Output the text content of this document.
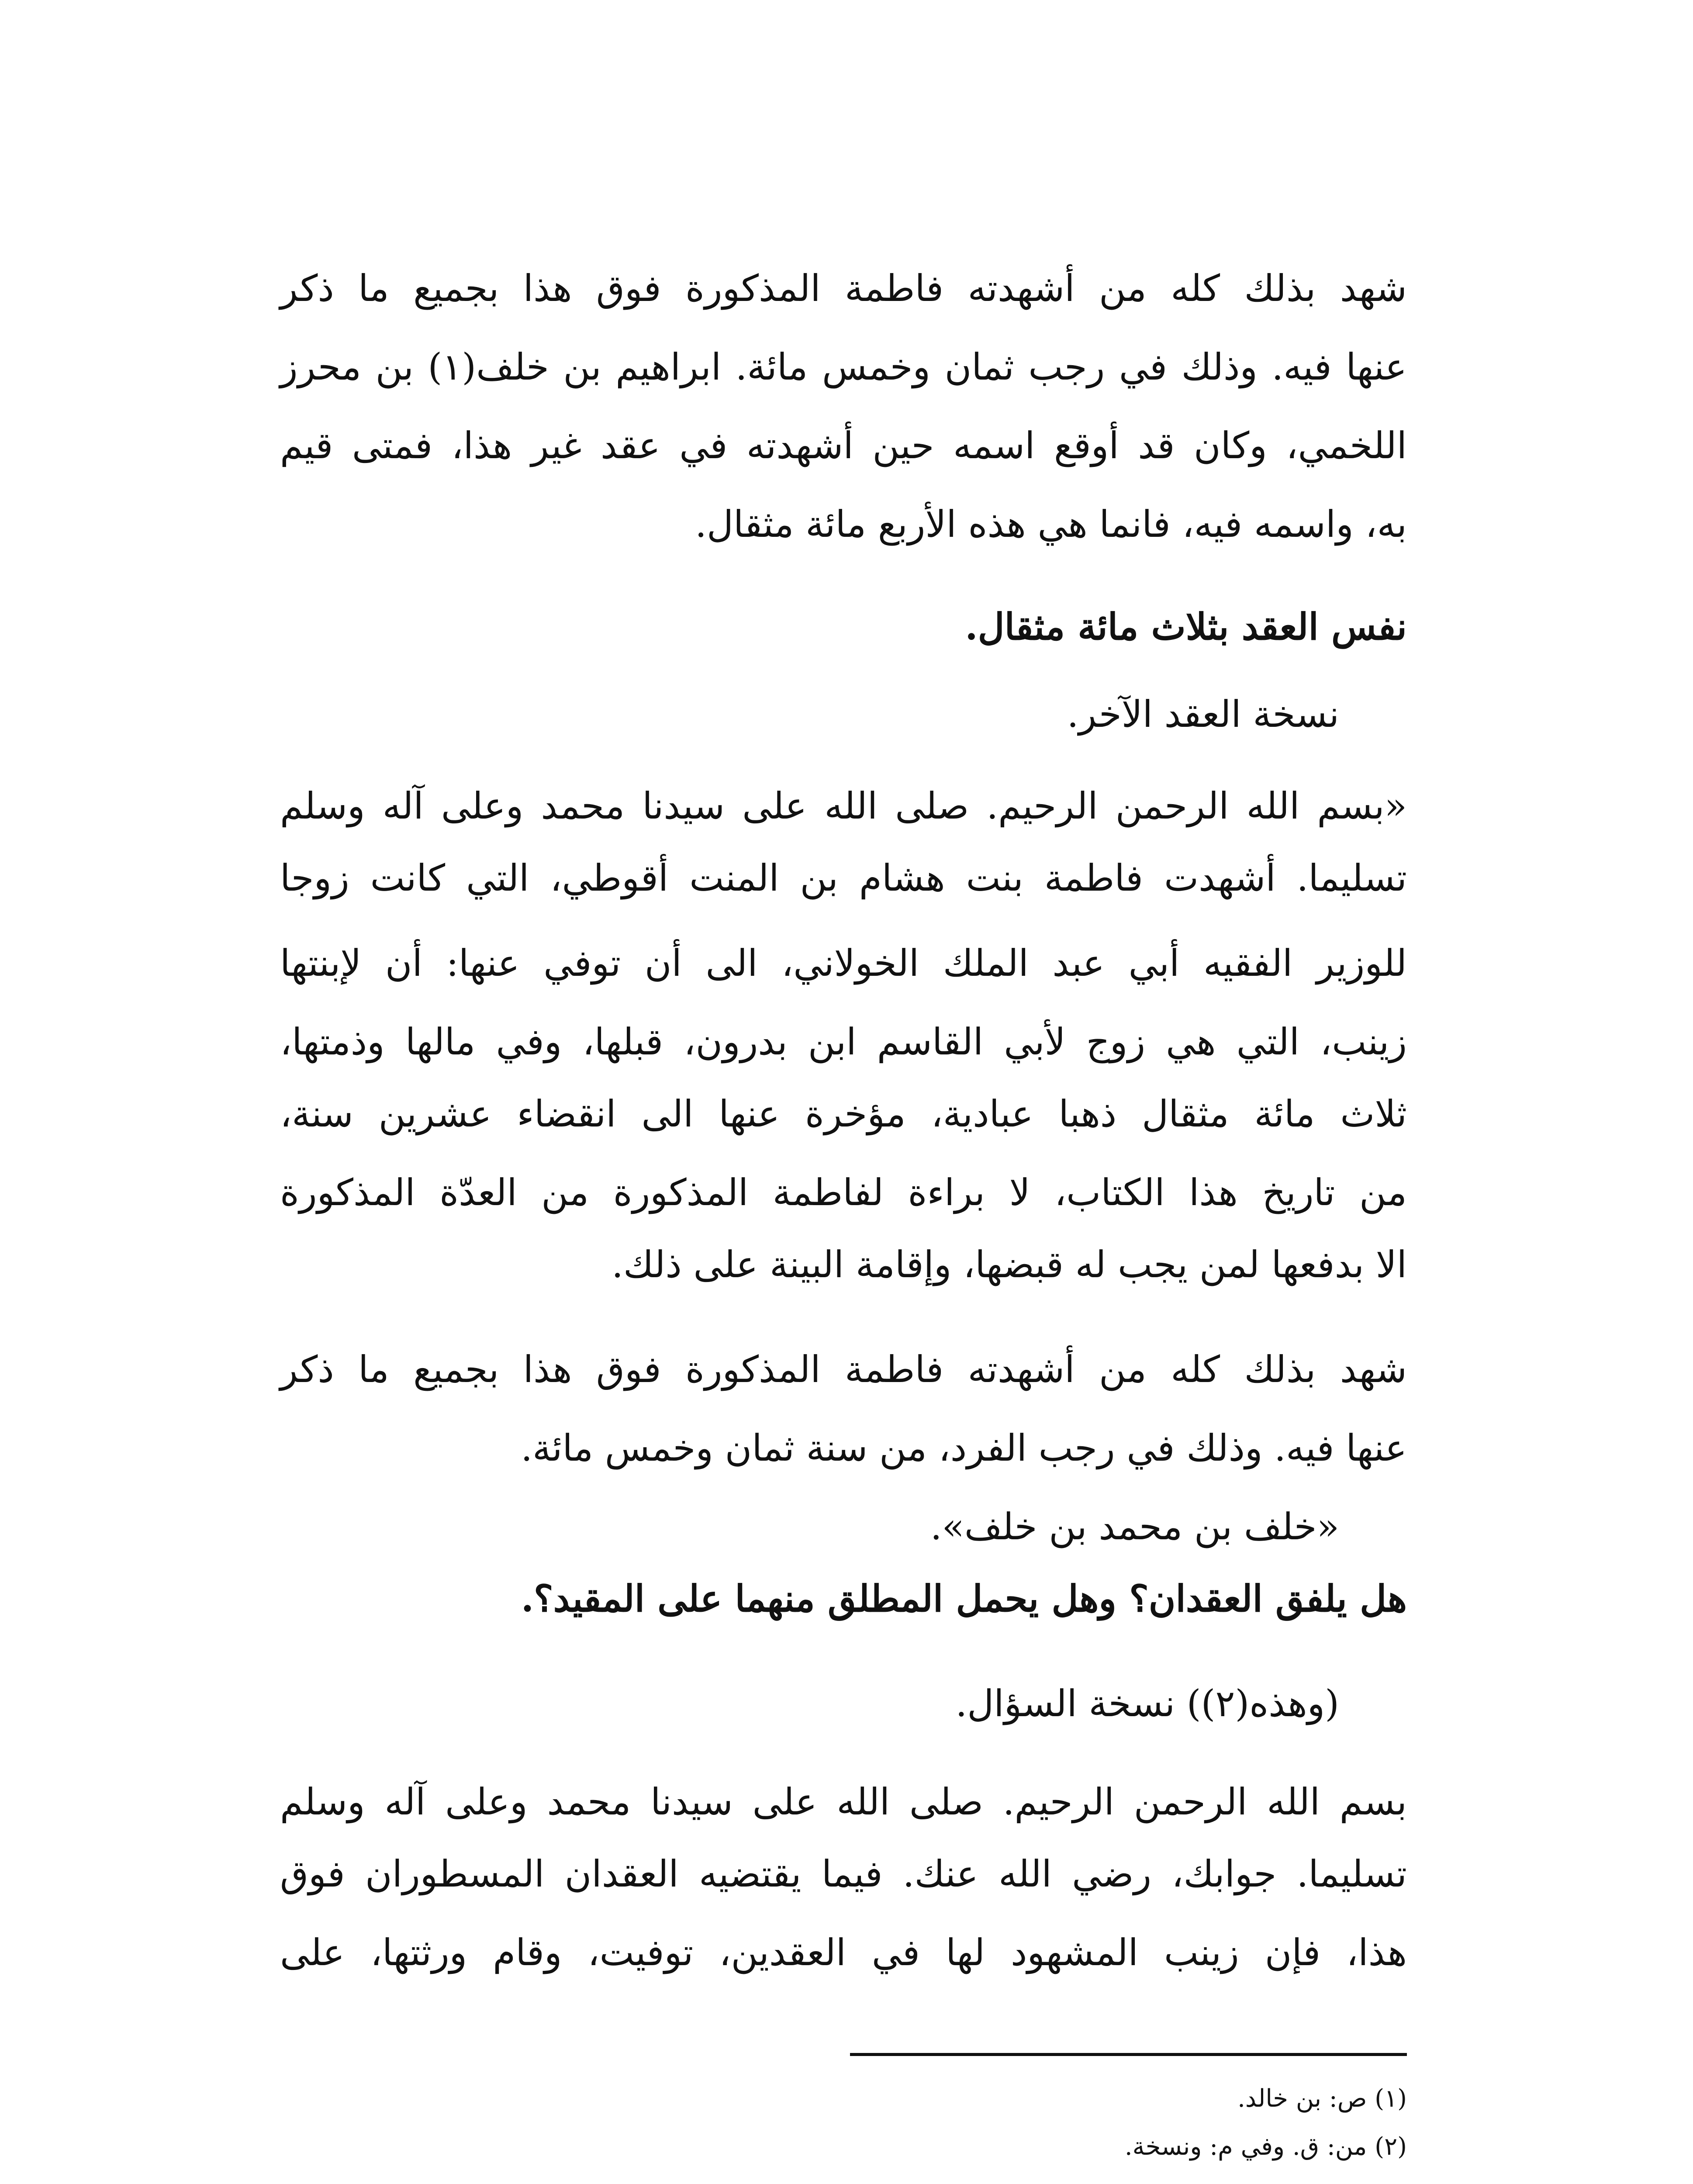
شهد بذلك كله من أشهدته فاطمة المذكورة فوق هذا بجميع ما ذكر
عنها فيه. وذلك في رجب ثمان وخمس مائة. ابراهيم بن خلف(١) بن محرز
اللخمي، وكان قد أوقع اسمه حين أشهدته في عقد غير هذا، فمتى قيم
به، واسمه فيه، فانما هي هذه الأربع مائة مثقال.
نفس العقد بثلاث مائة مثقال.
نسخة العقد الآخر.
«بسم الله الرحمن الرحيم. صلى الله على سيدنا محمد وعلى آله وسلم
تسليما. أشهدت فاطمة بنت هشام بن المنت أقوطي، التي كانت زوجا
للوزير الفقيه أبي عبد الملك الخولاني، الى أن توفي عنها: أن لإبنتها
زينب، التي هي زوج لأبي القاسم ابن بدرون، قبلها، وفي مالها وذمتها،
ثلاث مائة مثقال ذهبا عبادية، مؤخرة عنها الى انقضاء عشرين سنة،
من تاريخ هذا الكتاب، لا براءة لفاطمة المذكورة من العدّة المذكورة
الا بدفعها لمن يجب له قبضها، وإقامة البينة على ذلك.
شهد بذلك كله من أشهدته فاطمة المذكورة فوق هذا بجميع ما ذكر
عنها فيه. وذلك في رجب الفرد، من سنة ثمان وخمس مائة.
«خلف بن محمد بن خلف».
هل يلفق العقدان؟ وهل يحمل المطلق منهما على المقيد؟.
(وهذه(٢)) نسخة السؤال.
بسم الله الرحمن الرحيم. صلى الله على سيدنا محمد وعلى آله وسلم
تسليما. جوابك، رضي الله عنك. فيما يقتضيه العقدان المسطوران فوق
هذا، فإن زينب المشهود لها في العقدين، توفيت، وقام ورثتها، على
(١) ص: بن خالد.
(٢) من: ق. وفي م: ونسخة.
